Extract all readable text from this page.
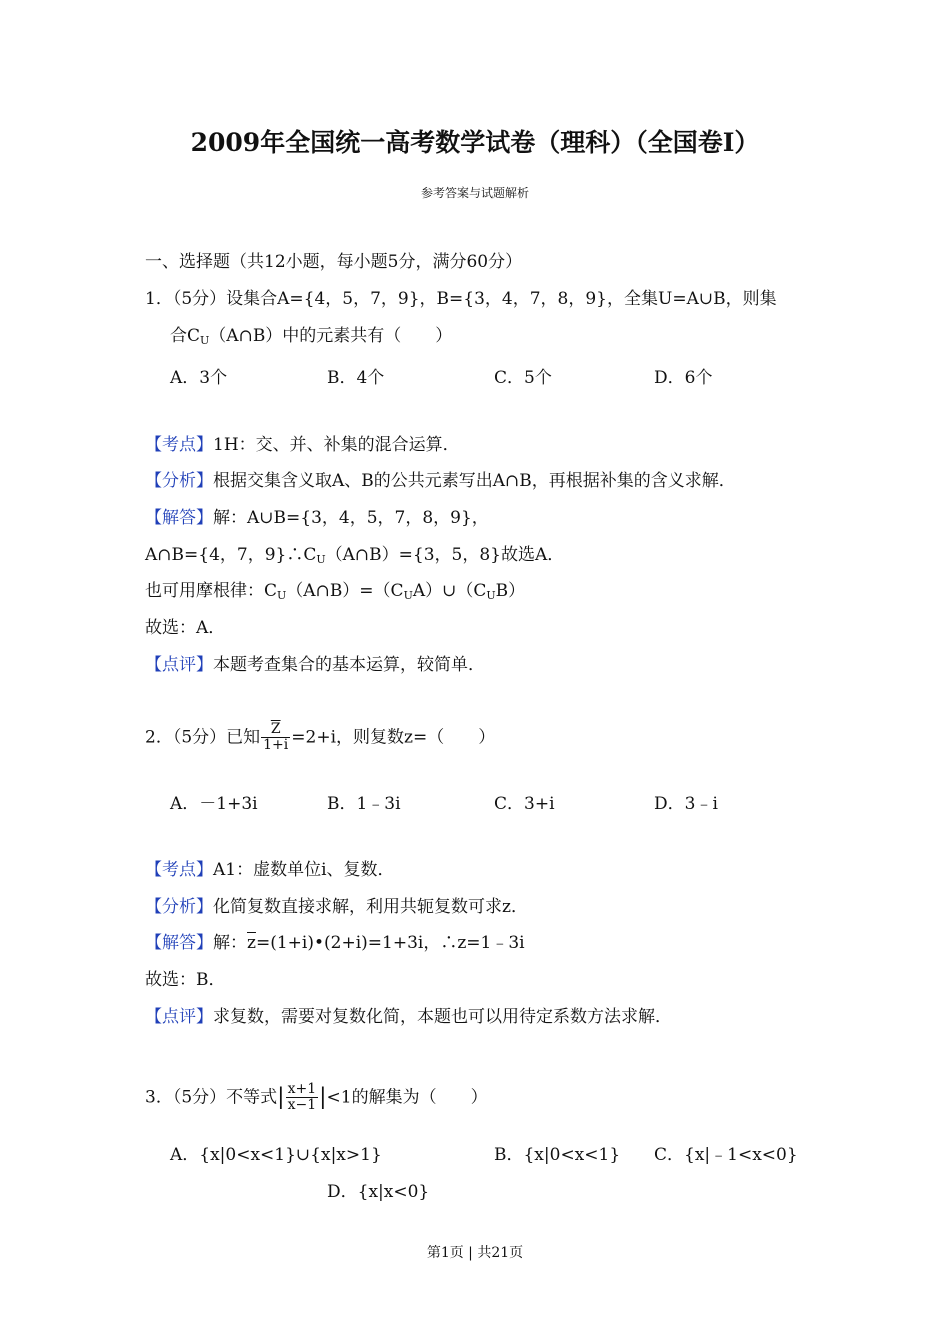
2009年全国统一高考数学试卷（理科）（全国卷Ⅰ）
参考答案与试题解析
一、选择题（共12小题，每小题5分，满分60分）
1．（5分）设集合A={4，5，7，9}，B={3，4，7，8，9}，全集U=A∪B，则集
合$C_U(A\cap B)$中的元素共有（　　）
A．3个	B．4个	C．5个	D．6个
【考点】1H：交、并、补集的混合运算．
【分析】根据交集含义取A、B的公共元素写出A∩B，再根据补集的含义求解．
【解答】解：A∪B={3，4，5，7，8，9}，
A∩B={4，7，$9\}\therefore C_U(A\cap B)=\{3$，5，8}故选A．
也可用摩根律：$C_U(A\cap B)=(C_UA)\cup(C_UB)$
故选：A．
【点评】本题考查集合的基本运算，较简单．
2．（5分）已知 $\frac{\overline{Z}}{1+i} =2+i$，则复数z=（　　）
A．－1+3i	B．1﹣3i	C．3+i	D．3﹣i
【考点】A1：虚数单位i、复数．
【分析】化简复数直接求解，利用共轭复数可求z．
【解答】解：$\overline{z}=(1+i)•(2+i)=1+3i$，∴z=1﹣3i
故选：B．
【点评】求复数，需要对复数化简，本题也可以用待定系数方法求解．
3．（5分）不等式| $\frac{x+1}{x-1} |<1$的解集为（　　）
A．{x|0<x<1}∪{x|x>1}	B．{x|0<x<1} C．{x|﹣1<x<0}
D．{x|x<0}
第1页 | 共21页
